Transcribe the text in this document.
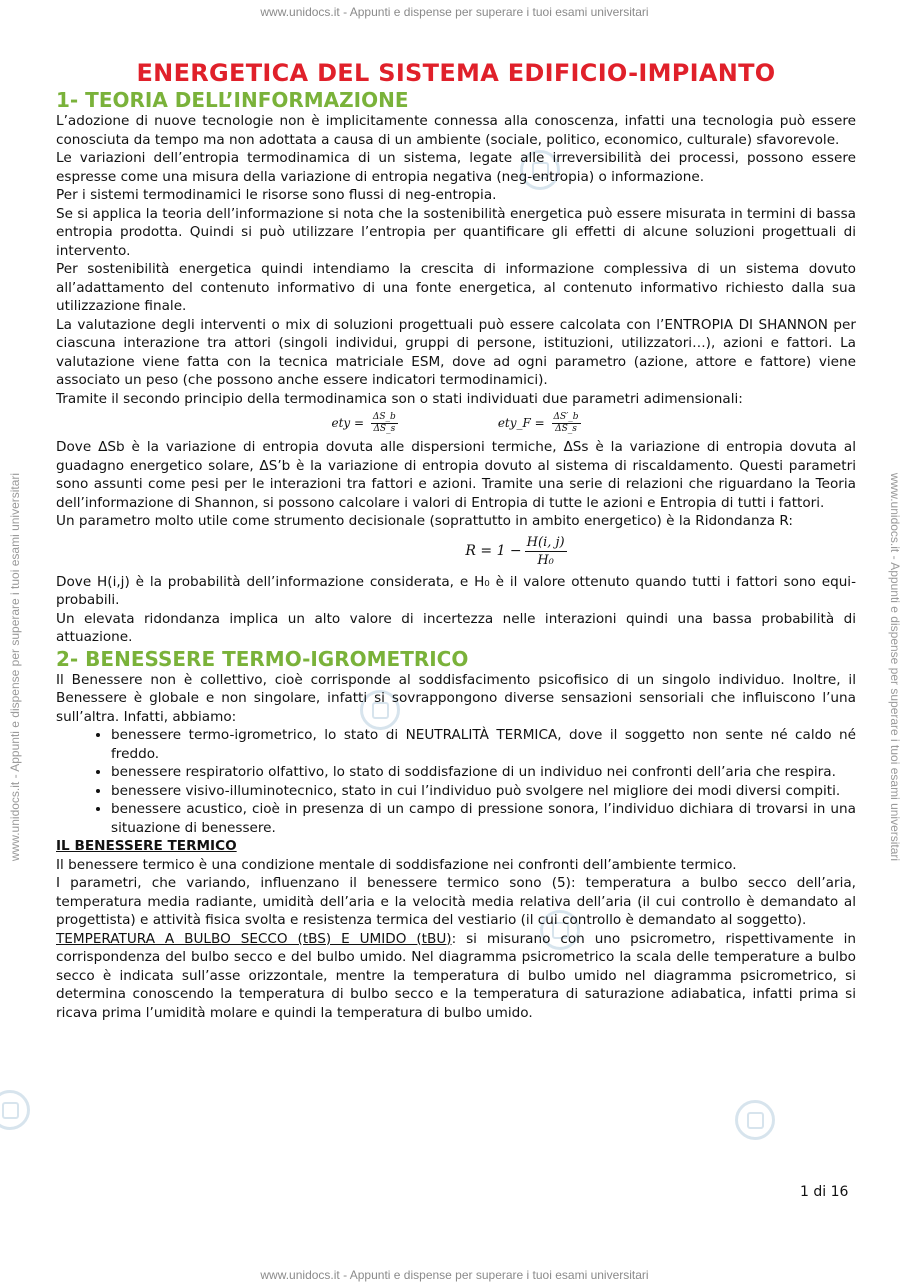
www.unidocs.it - Appunti e dispense per superare i tuoi esami universitari
www.unidocs.it - Appunti e dispense per superare i tuoi esami universitari
www.unidocs.it - Appunti e dispense per superare i tuoi esami universitari	www.unidocs.it - Appunti e dispense per superare i tuoi esami universitari
ENERGETICA DEL SISTEMA EDIFICIO-IMPIANTO
1- TEORIA DELL’INFORMAZIONE

L’adozione di nuove tecnologie non è implicitamente connessa alla conoscenza, infatti una tecnologia può essere conosciuta da tempo ma non adottata a causa di un ambiente (sociale, politico, economico, culturale) sfavorevole.

Le variazioni dell’entropia termodinamica di un sistema, legate alle irreversibilità dei processi, possono essere espresse come una misura della variazione di entropia negativa (neg-entropia) o informazione.

Per i sistemi termodinamici le risorse sono flussi di neg-entropia.

Se si applica la teoria dell’informazione si nota che la sostenibilità energetica può essere misurata in termini di bassa entropia prodotta. Quindi si può utilizzare l’entropia per quantificare gli effetti di alcune soluzioni progettuali di intervento.

Per sostenibilità energetica quindi intendiamo la crescita di informazione complessiva di un sistema dovuto all’adattamento del contenuto informativo di una fonte energetica, al contenuto informativo richiesto dalla sua utilizzazione finale.

La valutazione degli interventi o mix di soluzioni progettuali può essere calcolata con l’ENTROPIA DI SHANNON per ciascuna interazione tra attori (singoli individui, gruppi di persone, istituzioni, utilizzatori…), azioni e fattori. La valutazione viene fatta con la tecnica matriciale ESM, dove ad ogni parametro (azione, attore e fattore) viene associato un peso (che possono anche essere indicatori termodinamici).

Tramite il secondo principio della termodinamica son o stati individuati due parametri adimensionali:

ety = $\frac{\Delta S\_b}{\Delta S\_s}$	ety_F = $\frac{\Delta S'\_b}{\Delta S\_s}$

Dove ΔSb è la variazione di entropia dovuta alle dispersioni termiche, ΔSs è la variazione di entropia dovuta al guadagno energetico solare, ΔS’b è la variazione di entropia dovuto al sistema di riscaldamento. Questi parametri sono assunti come pesi per le interazioni tra fattori e azioni. Tramite una serie di relazioni che riguardano la Teoria dell’informazione di Shannon, si possono calcolare i valori di Entropia di tutte le azioni e Entropia di tutti i fattori.

Un parametro molto utile come strumento decisionale (soprattutto in ambito energetico) è la Ridondanza R:

$R = 1 - \frac{H(i, j)}{\text{H₀}}$

Dove H(i,j) è la probabilità dell’informazione considerata, e H₀ è il valore ottenuto quando tutti i fattori sono equi-probabili.

Un elevata ridondanza implica un alto valore di incertezza nelle interazioni quindi una bassa probabilità di attuazione.

2- BENESSERE TERMO-IGROMETRICO

Il Benessere non è collettivo, cioè corrisponde al soddisfacimento psicofisico di un singolo individuo. Inoltre, il Benessere è globale e non singolare, infatti si sovrappongono diverse sensazioni sensoriali che influiscono l’una sull’altra. Infatti, abbiamo:

• benessere termo-igrometrico, lo stato di NEUTRALITÀ TERMICA, dove il soggetto non sente né caldo né freddo.
• benessere respiratorio olfattivo, lo stato di soddisfazione di un individuo nei confronti dell’aria che respira.
• benessere visivo-illuminotecnico, stato in cui l’individuo può svolgere nel migliore dei modi diversi compiti.
• benessere acustico, cioè in presenza di un campo di pressione sonora, l’individuo dichiara di trovarsi in una situazione di benessere.

IL BENESSERE TERMICO

Il benessere termico è una condizione mentale di soddisfazione nei confronti dell’ambiente termico.

I parametri, che variando, influenzano il benessere termico sono (5): temperatura a bulbo secco dell’aria, temperatura media radiante, umidità dell’aria e la velocità media relativa dell’aria (il cui controllo è demandato al progettista) e attività fisica svolta e resistenza termica del vestiario (il cui controllo è demandato al soggetto).

TEMPERATURA A BULBO SECCO (tBS) E UMIDO (tBU): si misurano con uno psicrometro, rispettivamente in corrispondenza del bulbo secco e del bulbo umido. Nel diagramma psicrometrico la scala delle temperature a bulbo secco è indicata sull’asse orizzontale, mentre la temperatura di bulbo umido nel diagramma psicrometrico, si determina conoscendo la temperatura di bulbo secco e la temperatura di saturazione adiabatica, infatti prima si ricava prima l’umidità molare e quindi la temperatura di bulbo umido.

1 di 16
